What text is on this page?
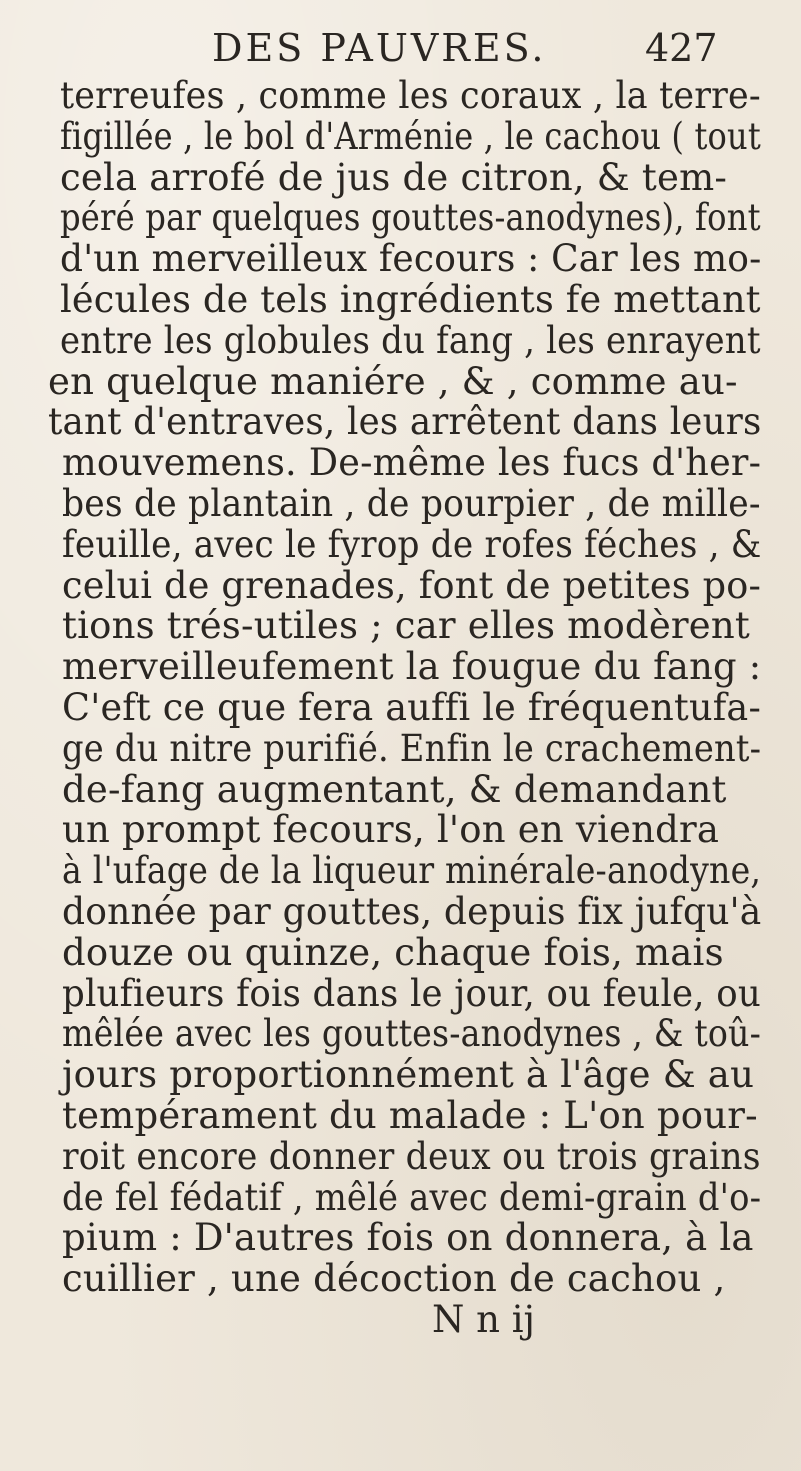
DES PAUVRES.	427
terreufes , comme les coraux , la terre-
figillée , le bol d'Arménie , le cachou ( tout
cela arrofé de jus de citron, & tem-
péré par quelques gouttes-anodynes), font
d'un merveilleux fecours : Car les mo-
lécules de tels ingrédients fe mettant
entre les globules du fang , les enrayent
en quelque maniére , & , comme au-
tant d'entraves, les arrêtent dans leurs
mouvemens. De-même les fucs d'her-
bes de plantain , de pourpier , de mille-
feuille, avec le fyrop de rofes féches , &
celui de grenades, font de petites po-
tions trés-utiles ; car elles modèrent
merveilleufement la fougue du fang :
C'eft ce que fera auffi le fréquentufa-
ge du nitre purifié. Enfin le crachement-
de-fang augmentant, & demandant
un prompt fecours, l'on en viendra
à l'ufage de la liqueur minérale-anodyne,
donnée par gouttes, depuis fix jufqu'à
douze ou quinze, chaque fois, mais
plufieurs fois dans le jour, ou feule, ou
mêlée avec les gouttes-anodynes , & toû-
jours proportionnément à l'âge & au
tempérament du malade : L'on pour-
roit encore donner deux ou trois grains
de fel fédatif , mêlé avec demi-grain d'o-
pium : D'autres fois on donnera, à la
cuillier , une décoction de cachou ,
N n ij
